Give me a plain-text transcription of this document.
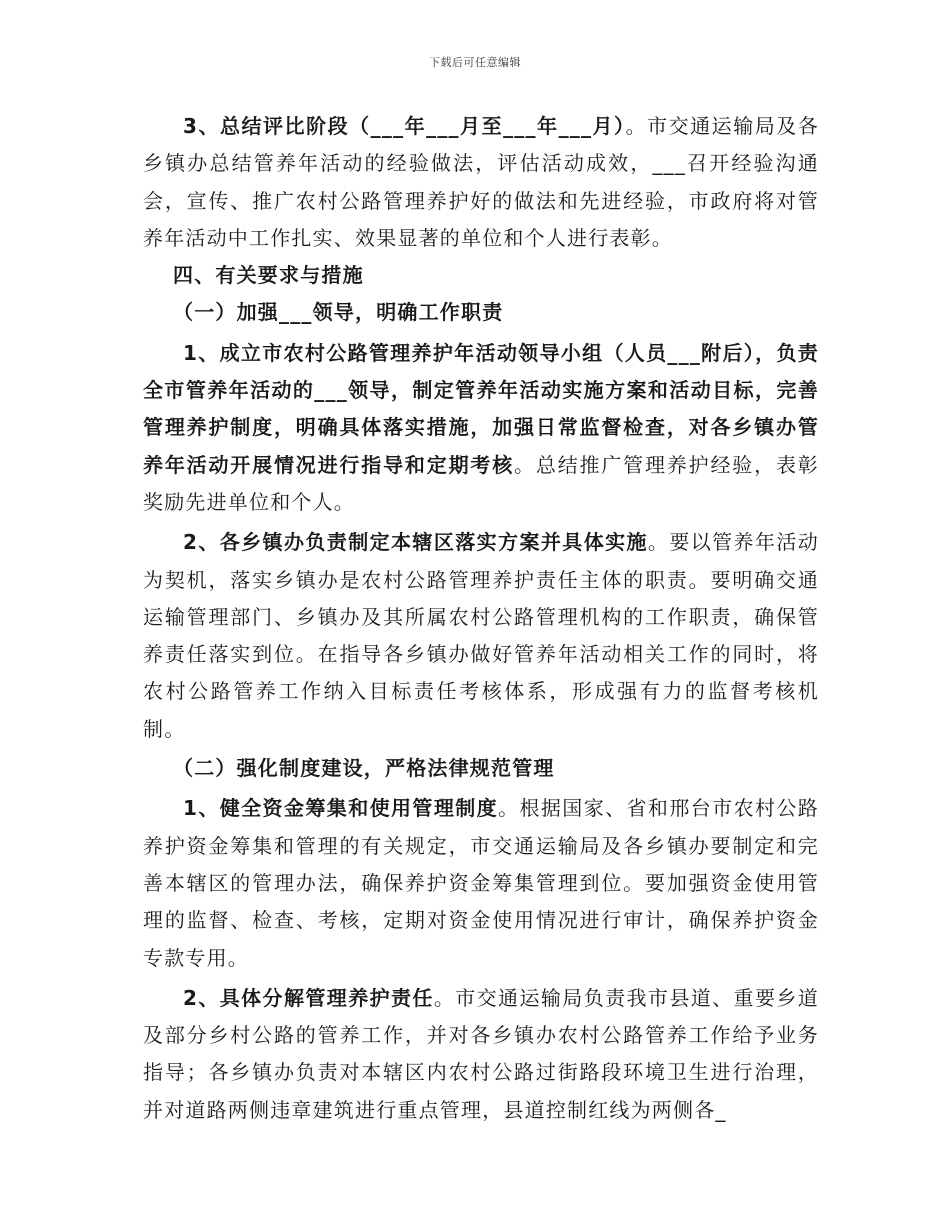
下载后可任意编辑

3、总结评比阶段（___年___月至___年___月）。市交通运输局及各乡镇办总结管养年活动的经验做法，评估活动成效，___召开经验沟通会，宣传、推广农村公路管理养护好的做法和先进经验，市政府将对管养年活动中工作扎实、效果显著的单位和个人进行表彰。

四、有关要求与措施

（一）加强___领导，明确工作职责

1、成立市农村公路管理养护年活动领导小组（人员___附后），负责全市管养年活动的___领导，制定管养年活动实施方案和活动目标，完善管理养护制度，明确具体落实措施，加强日常监督检查，对各乡镇办管养年活动开展情况进行指导和定期考核。总结推广管理养护经验，表彰奖励先进单位和个人。

2、各乡镇办负责制定本辖区落实方案并具体实施。要以管养年活动为契机，落实乡镇办是农村公路管理养护责任主体的职责。要明确交通运输管理部门、乡镇办及其所属农村公路管理机构的工作职责，确保管养责任落实到位。在指导各乡镇办做好管养年活动相关工作的同时，将农村公路管养工作纳入目标责任考核体系，形成强有力的监督考核机制。

（二）强化制度建设，严格法律规范管理

1、健全资金筹集和使用管理制度。根据国家、省和邢台市农村公路养护资金筹集和管理的有关规定，市交通运输局及各乡镇办要制定和完善本辖区的管理办法，确保养护资金筹集管理到位。要加强资金使用管理的监督、检查、考核，定期对资金使用情况进行审计，确保养护资金专款专用。

2、具体分解管理养护责任。市交通运输局负责我市县道、重要乡道及部分乡村公路的管养工作，并对各乡镇办农村公路管养工作给予业务指导；各乡镇办负责对本辖区内农村公路过街路段环境卫生进行治理，并对道路两侧违章建筑进行重点管理，县道控制红线为两侧各_
